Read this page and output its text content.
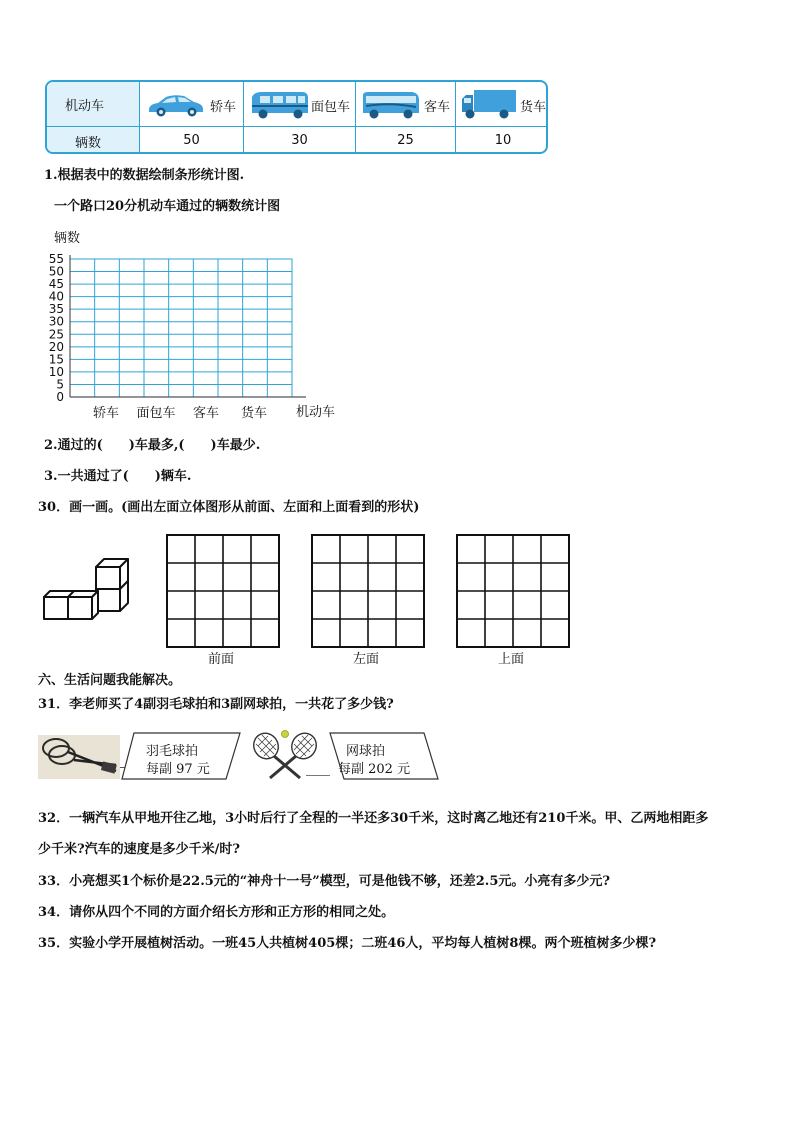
机动车	轿车	面包车	客车	货车
辆数	50	30	25	10
1.根据表中的数据绘制条形统计图.
一个路口20分机动车通过的辆数统计图
辆数
0
5
10
15
20
25
30
35
40
45
50
55
轿车 面包车 客车 货车 机动车
2.通过的(　　)车最多,(　　)车最少.
3.一共通过了(　　)辆车.
30．画一画。(画出左面立体图形从前面、左面和上面看到的形状)
前面	左面	上面
六、生活问题我能解决。
31．李老师买了4副羽毛球拍和3副网球拍，一共花了多少钱?
羽毛球拍
每副 97 元
网球拍
每副 202 元
32．一辆汽车从甲地开往乙地，3小时后行了全程的一半还多30千米，这时离乙地还有210千米。甲、乙两地相距多
少千米?汽车的速度是多少千米/时?
33．小亮想买1个标价是22.5元的“神舟十一号”模型，可是他钱不够，还差2.5元。小亮有多少元?
34．请你从四个不同的方面介绍长方形和正方形的相同之处。
35．实验小学开展植树活动。一班45人共植树405棵；二班46人，平均每人植树8棵。两个班植树多少棵?
